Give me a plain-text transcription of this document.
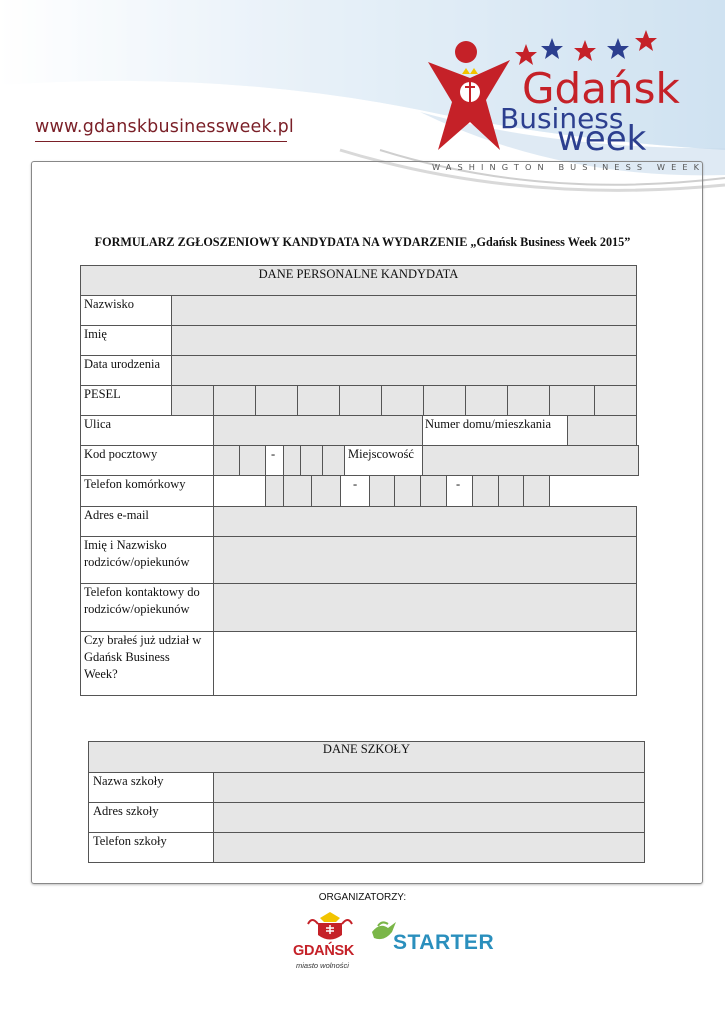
Gdańsk
Business
week
www.gdanskbusinessweek.pl
WASHINGTON BUSINESS WEEK
FORMULARZ ZGŁOSZENIOWY KANDYDATA NA WYDARZENIE „Gdańsk Business Week 2015”
DANE PERSONALNE KANDYDATA
Nazwisko
Imię
Data urodzenia
PESEL
Ulica	Numer domu/mieszkania
Kod pocztowy	-	Miejscowość
Telefon komórkowy	-	-
Adres e-mail
Imię i Nazwisko
rodziców/opiekunów
Telefon kontaktowy do
rodziców/opiekunów
Czy brałeś już udział w
Gdańsk Business
Week?
DANE SZKOŁY
Nazwa szkoły
Adres szkoły
Telefon szkoły
ORGANIZATORZY:
GDAŃSK
miasto wolności
STARTER
